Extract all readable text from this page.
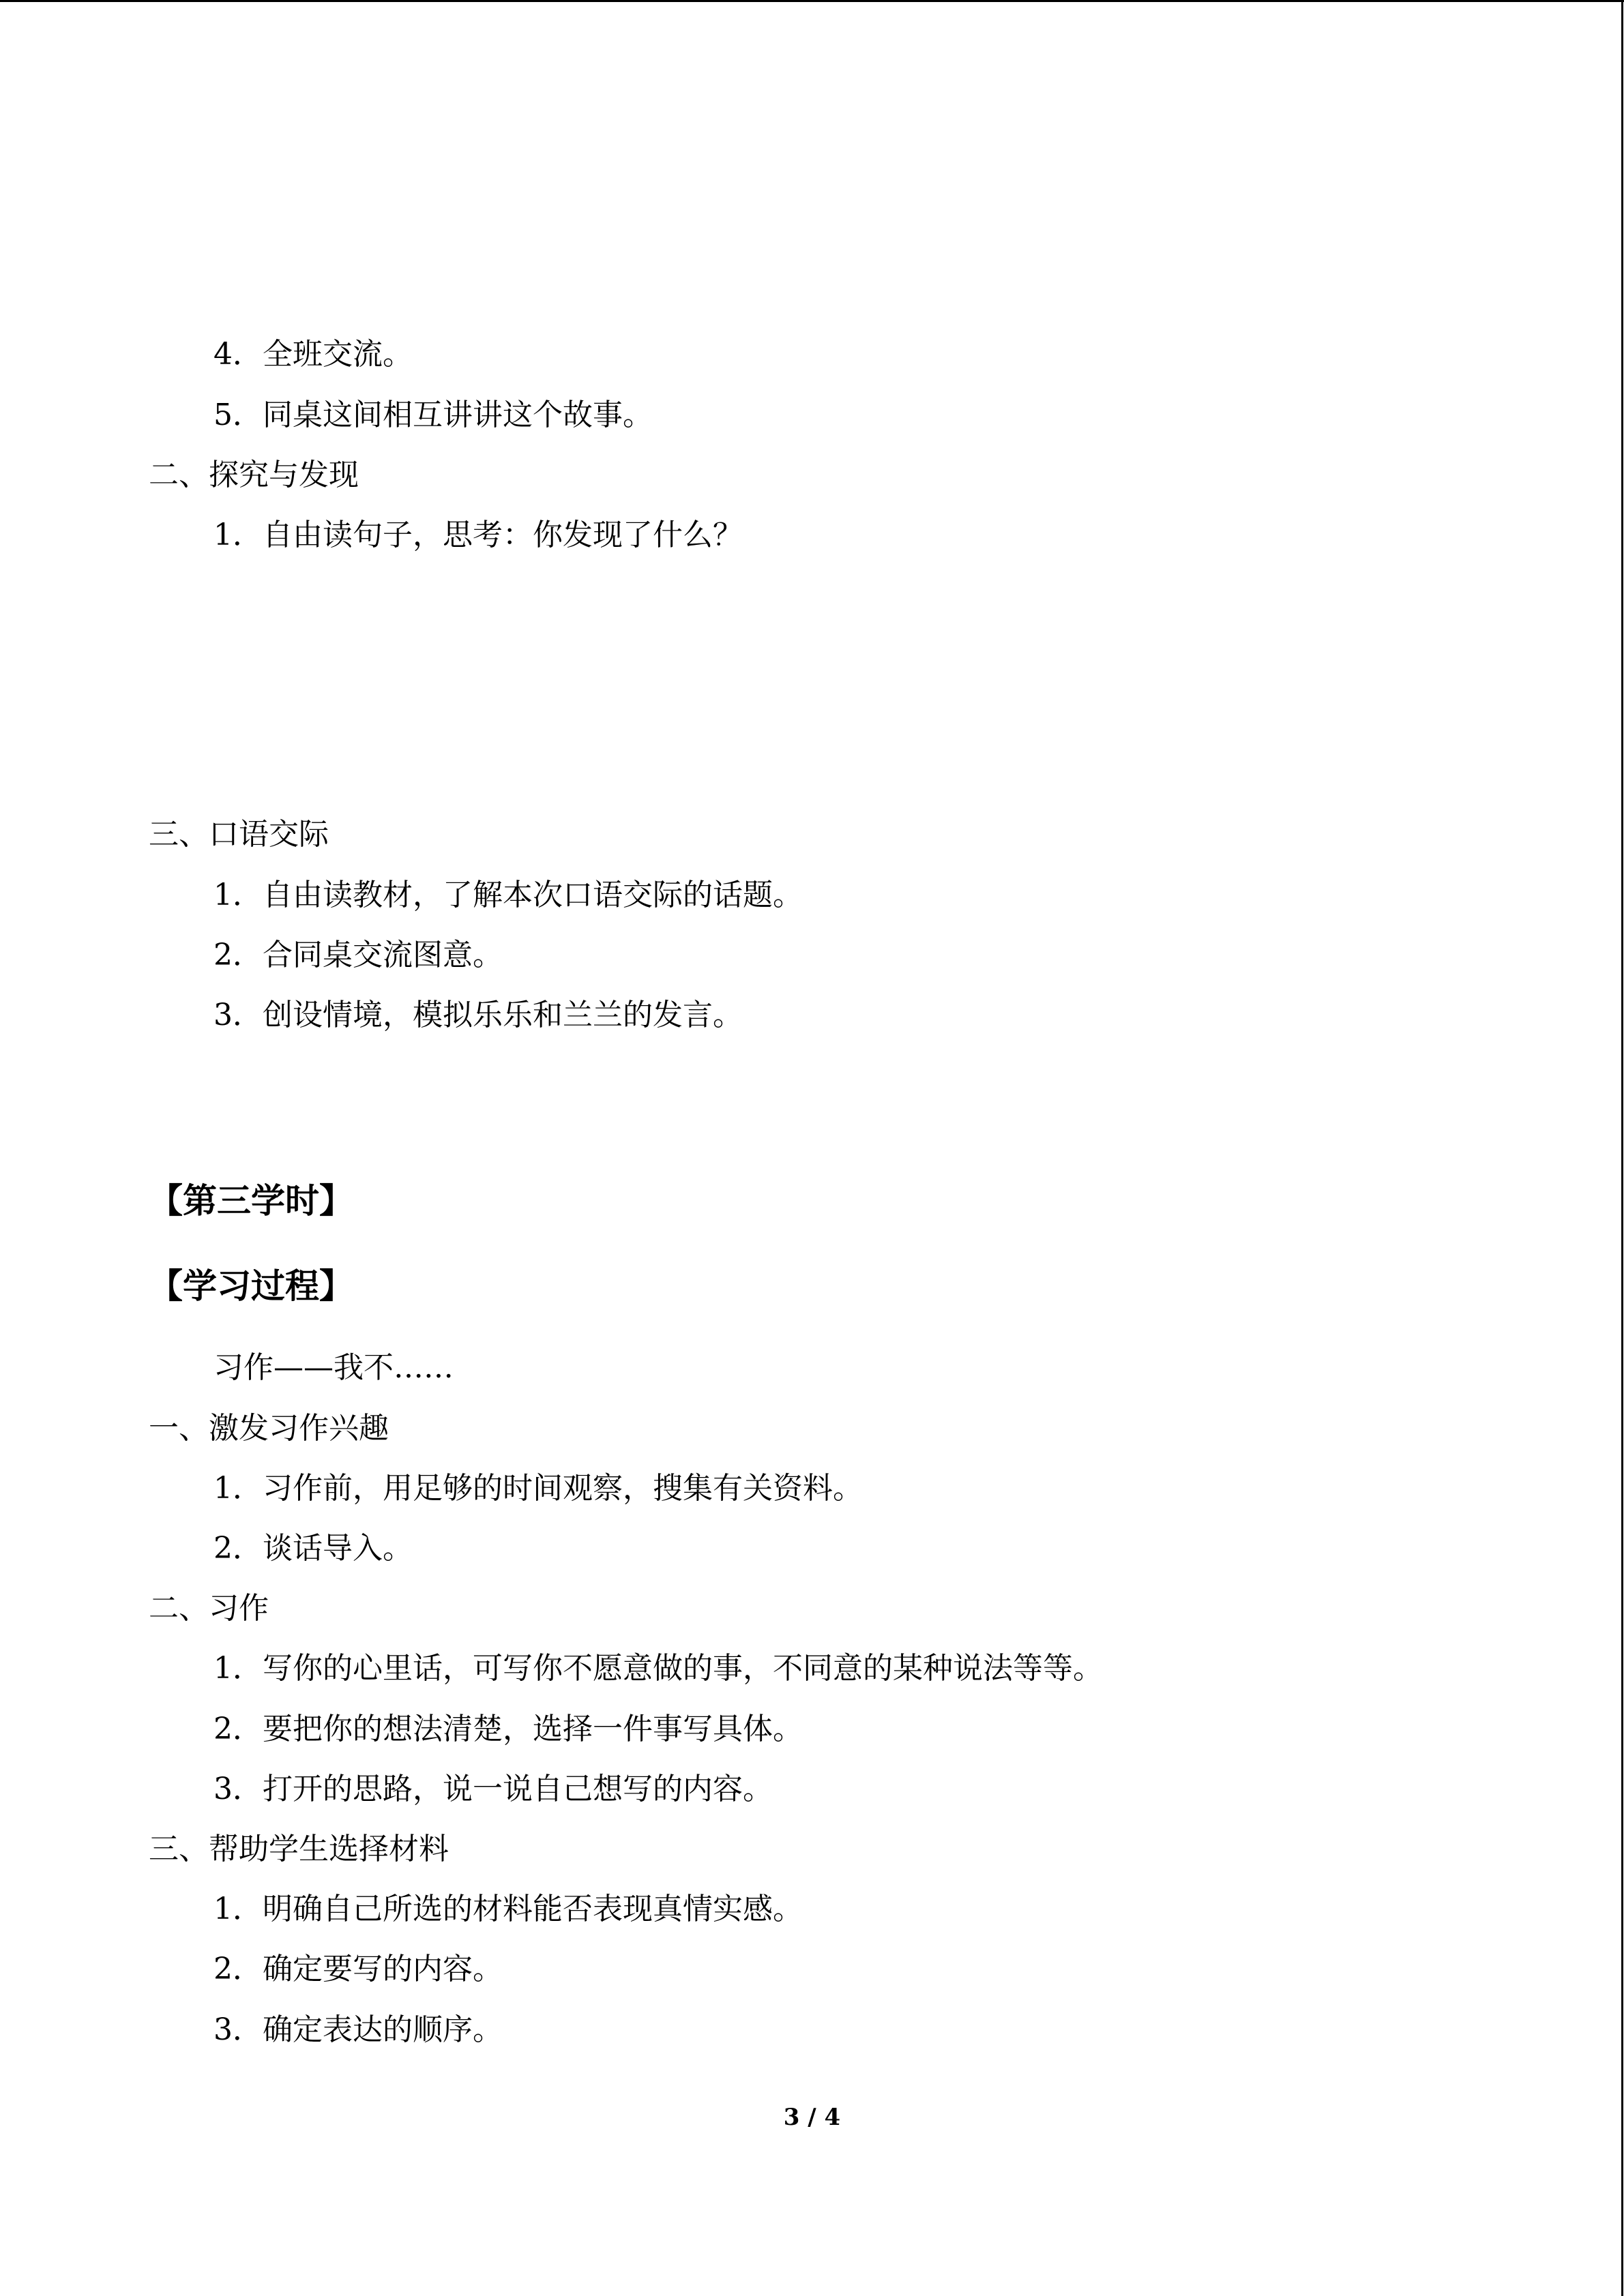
4．全班交流。
5．同桌这间相互讲讲这个故事。
二、探究与发现
1．自由读句子，思考：你发现了什么？
三、口语交际
1．自由读教材，了解本次口语交际的话题。
2．合同桌交流图意。
3．创设情境，模拟乐乐和兰兰的发言。
【第三学时】
【学习过程】
习作——我不……
一、激发习作兴趣
1．习作前，用足够的时间观察，搜集有关资料。
2．谈话导入。
二、习作
1．写你的心里话，可写你不愿意做的事，不同意的某种说法等等。
2．要把你的想法清楚，选择一件事写具体。
3．打开的思路，说一说自己想写的内容。
三、帮助学生选择材料
1．明确自己所选的材料能否表现真情实感。
2．确定要写的内容。
3．确定表达的顺序。
3 / 4
